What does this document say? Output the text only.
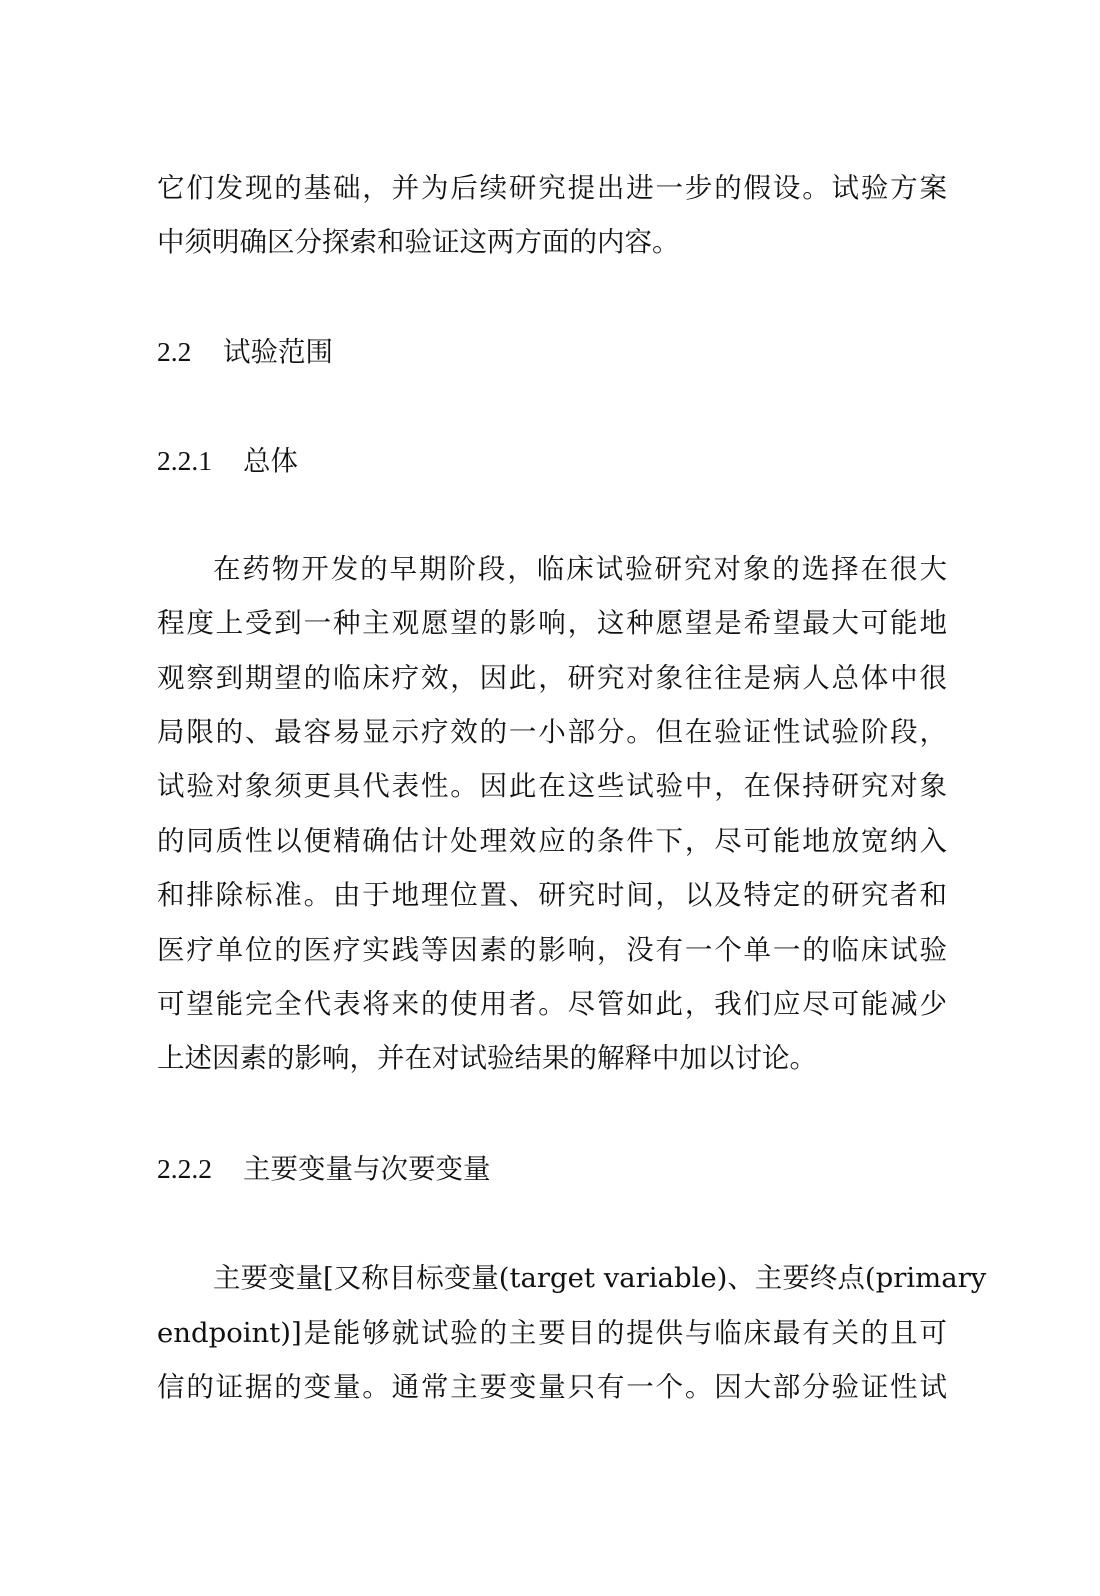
它们发现的基础，并为后续研究提出进一步的假设。试验方案
中须明确区分探索和验证这两方面的内容。
2.2 试验范围
2.2.1 总体
在药物开发的早期阶段，临床试验研究对象的选择在很大
程度上受到一种主观愿望的影响，这种愿望是希望最大可能地
观察到期望的临床疗效，因此，研究对象往往是病人总体中很
局限的、最容易显示疗效的一小部分。但在验证性试验阶段，
试验对象须更具代表性。因此在这些试验中，在保持研究对象
的同质性以便精确估计处理效应的条件下，尽可能地放宽纳入
和排除标准。由于地理位置、研究时间，以及特定的研究者和
医疗单位的医疗实践等因素的影响，没有一个单一的临床试验
可望能完全代表将来的使用者。尽管如此，我们应尽可能减少
上述因素的影响，并在对试验结果的解释中加以讨论。
2.2.2 主要变量与次要变量
主要变量[又称目标变量(target variable)、主要终点(primary
endpoint)]是能够就试验的主要目的提供与临床最有关的且可
信的证据的变量。通常主要变量只有一个。因大部分验证性试
